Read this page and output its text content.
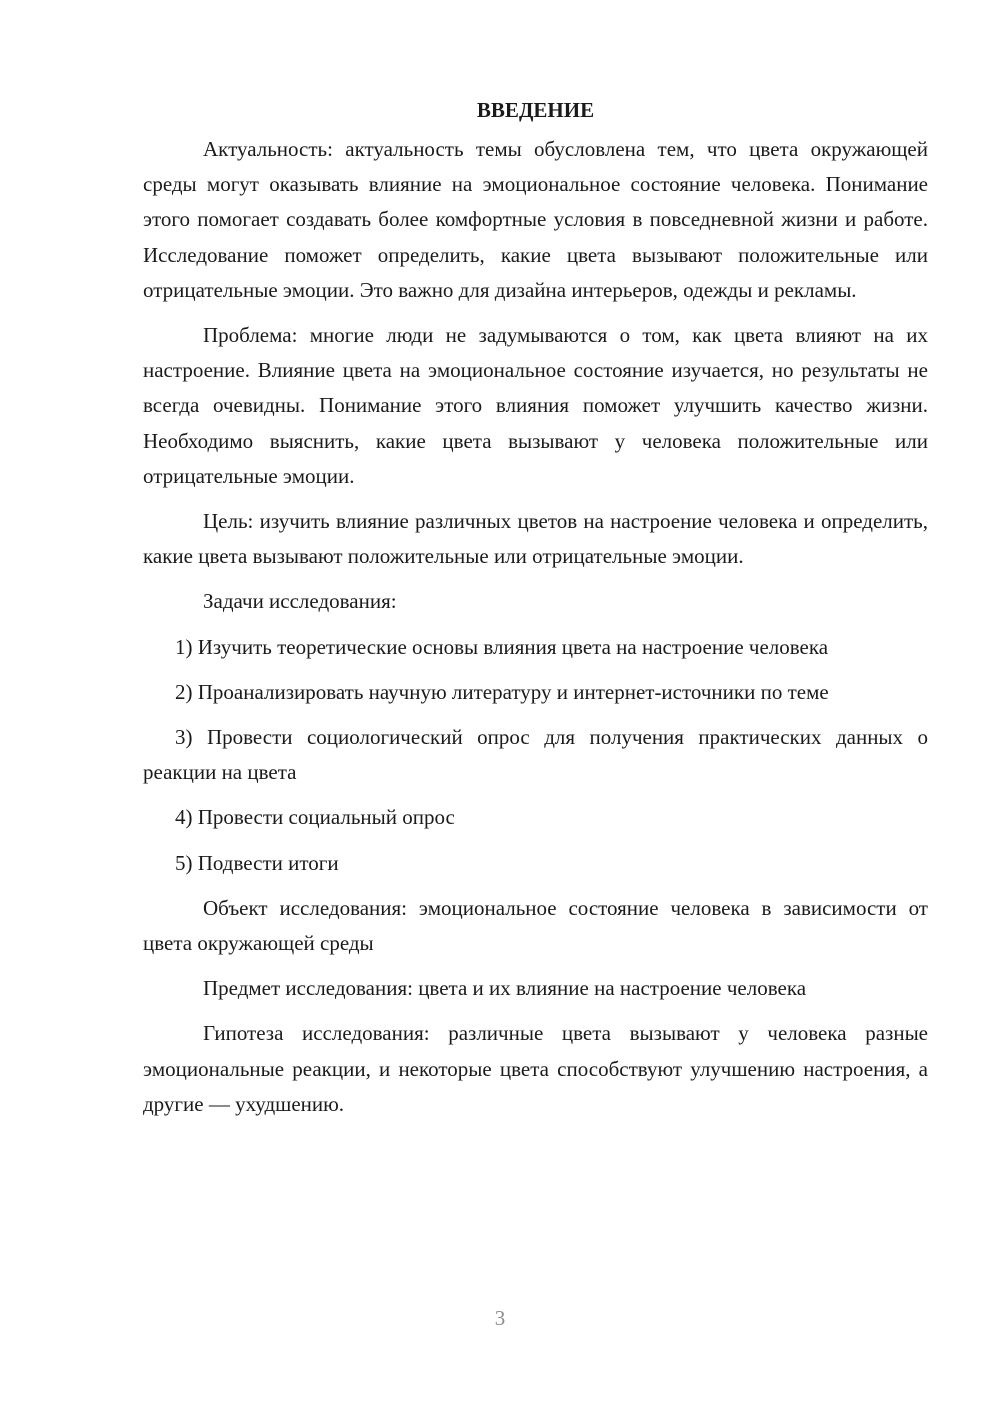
ВВЕДЕНИЕ

Актуальность: актуальность темы обусловлена тем, что цвета окружающей среды могут оказывать влияние на эмоциональное состояние человека. Понимание этого помогает создавать более комфортные условия в повседневной жизни и работе. Исследование поможет определить, какие цвета вызывают положительные или отрицательные эмоции. Это важно для дизайна интерьеров, одежды и рекламы.

Проблема: многие люди не задумываются о том, как цвета влияют на их настроение. Влияние цвета на эмоциональное состояние изучается, но результаты не всегда очевидны. Понимание этого влияния поможет улучшить качество жизни. Необходимо выяснить, какие цвета вызывают у человека положительные или отрицательные эмоции.

Цель: изучить влияние различных цветов на настроение человека и определить, какие цвета вызывают положительные или отрицательные эмоции.

Задачи исследования:

1) Изучить теоретические основы влияния цвета на настроение человека

2) Проанализировать научную литературу и интернет-источники по теме

3) Провести социологический опрос для получения практических данных о реакции на цвета

4) Провести социальный опрос

5) Подвести итоги

Объект исследования: эмоциональное состояние человека в зависимости от цвета окружающей среды

Предмет исследования: цвета и их влияние на настроение человека

Гипотеза исследования: различные цвета вызывают у человека разные эмоциональные реакции, и некоторые цвета способствуют улучшению настроения, а другие — ухудшению.

3
